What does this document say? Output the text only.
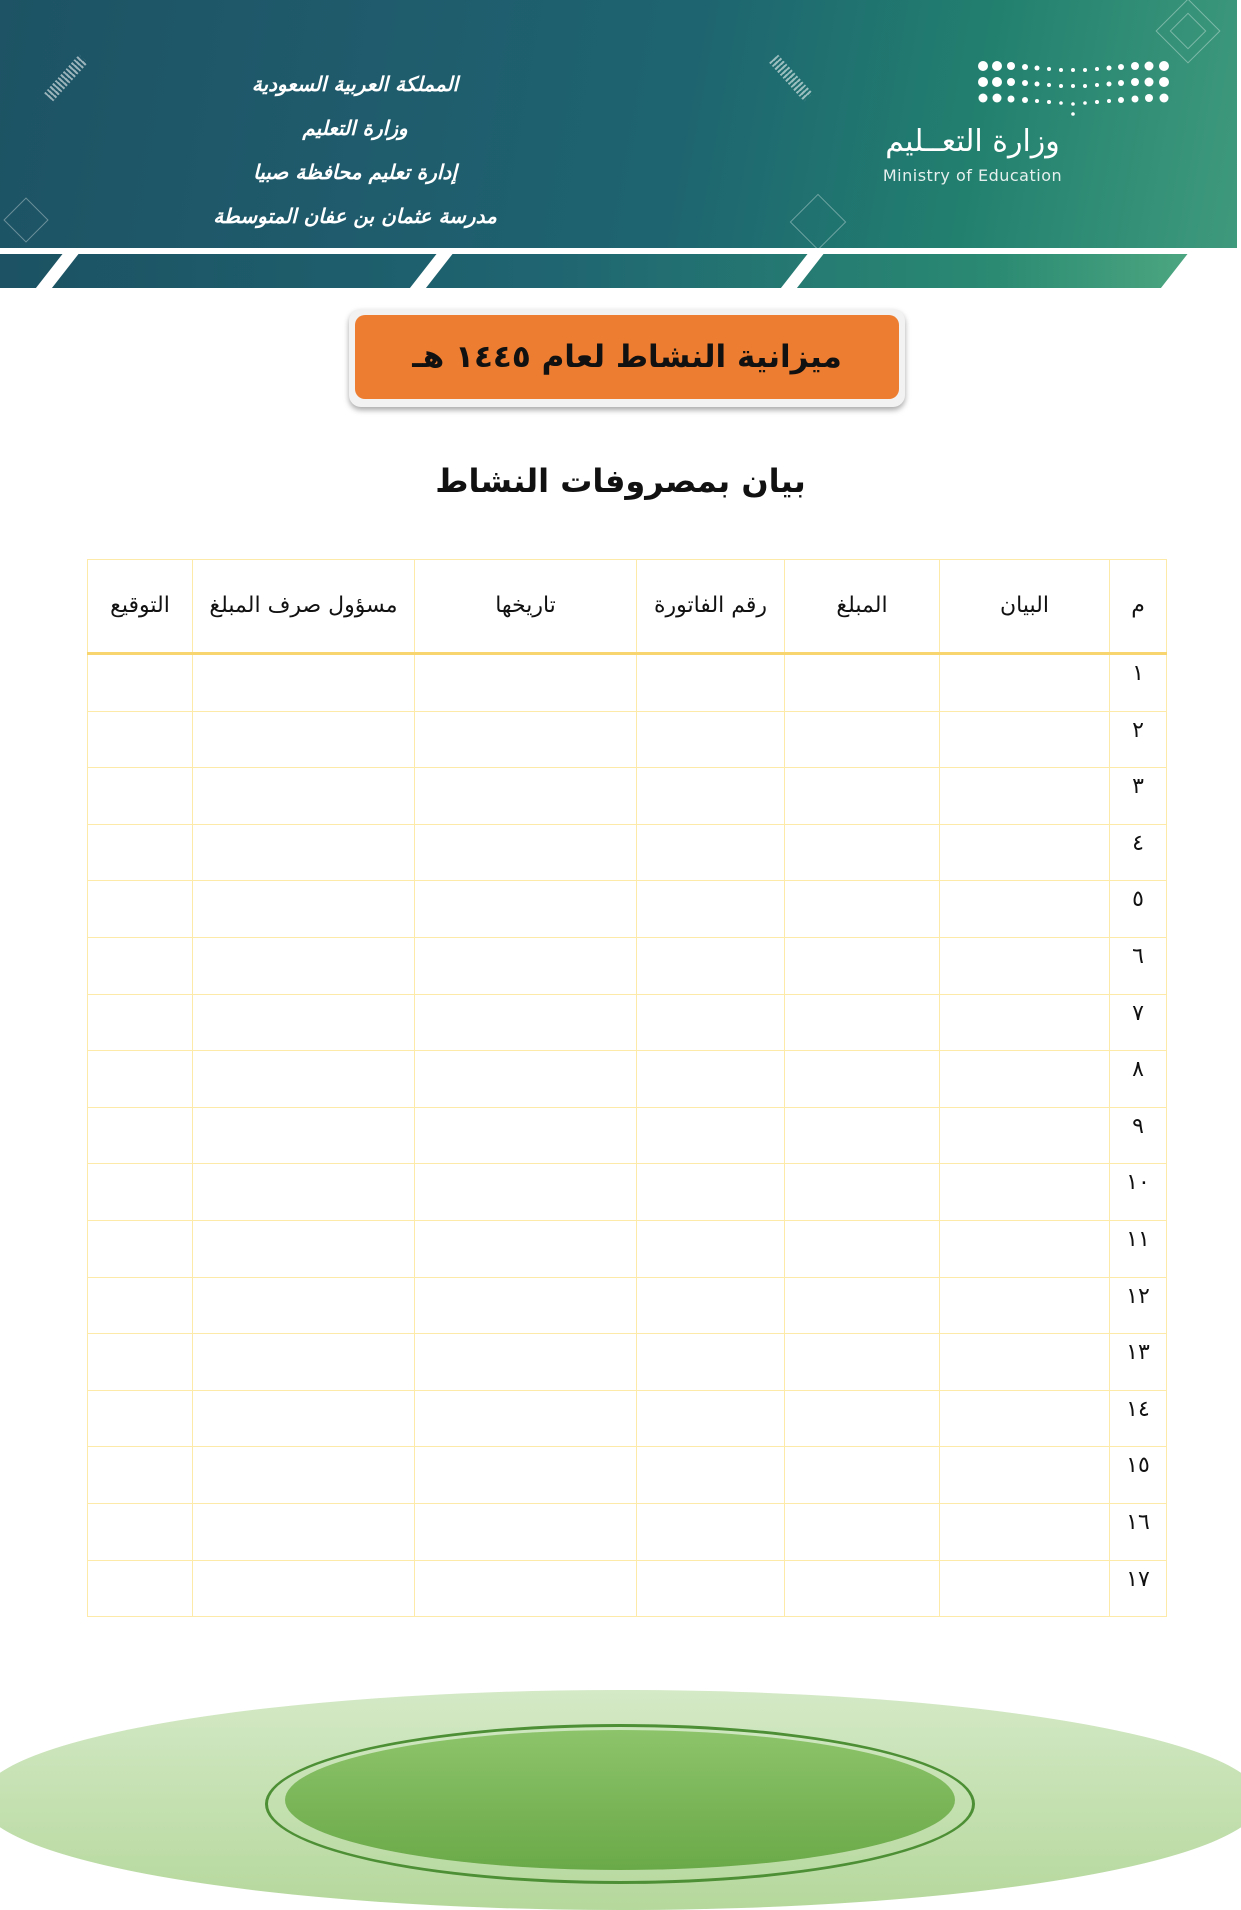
المملكة العربية السعودية
وزارة التعليم
إدارة تعليم محافظة صبيا
مدرسة عثمان بن عفان المتوسطة
وزارة التعــليم
Ministry of Education
ميزانية النشاط لعام ١٤٤٥ هـ
بيان بمصروفات النشاط
م	البيان	المبلغ	رقم الفاتورة	تاريخها	مسؤول صرف المبلغ	التوقيع
١						
٢						
٣						
٤						
٥						
٦						
٧						
٨						
٩						
١٠						
١١						
١٢						
١٣						
١٤						
١٥						
١٦						
١٧						
